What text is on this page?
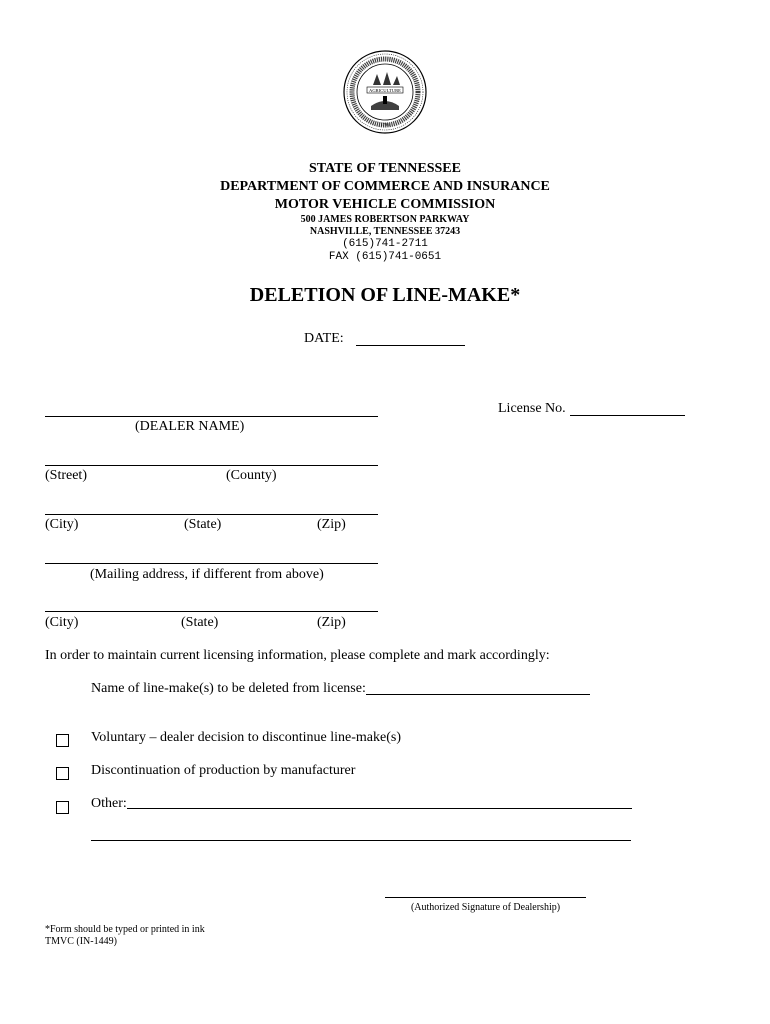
AGRICULTURE
1796
STATE OF TENNESSEE
DEPARTMENT OF COMMERCE AND INSURANCE
MOTOR VEHICLE COMMISSION
500 JAMES ROBERTSON PARKWAY
NASHVILLE, TENNESSEE 37243
(615)741-2711
FAX (615)741-0651
DELETION OF LINE-MAKE*
DATE:
License No.
(DEALER NAME)
(Street)	(County)
(City)	(State)	(Zip)
(Mailing address, if different from above)
(City)	(State)	(Zip)
In order to maintain current licensing information, please complete and mark accordingly:
Name of line-make(s) to be deleted from license:
Voluntary – dealer decision to discontinue line-make(s)
Discontinuation of production by manufacturer
Other:
(Authorized Signature of Dealership)
*Form should be typed or printed in ink
TMVC (IN-1449)
